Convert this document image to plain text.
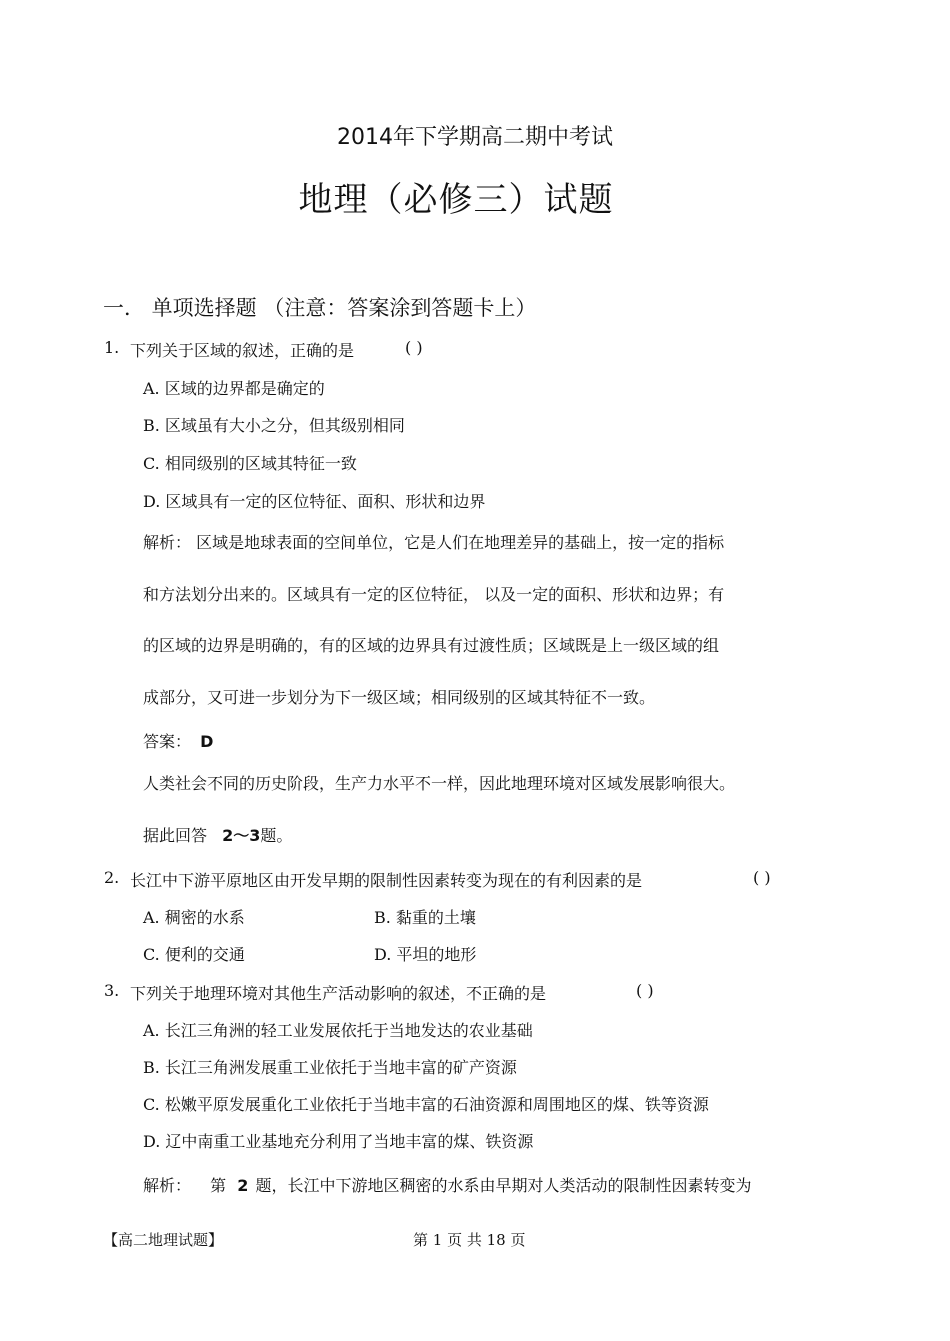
2014年下学期高二期中考试
地理（必修三）试题
一． 单项选择题 （注意：答案涂到答题卡上）
1. 下列关于区域的叙述，正确的是	( )
A. 区域的边界都是确定的
B. 区域虽有大小之分，但其级别相同
C. 相同级别的区域其特征一致
D. 区域具有一定的区位特征、面积、形状和边界
解析： 区域是地球表面的空间单位，它是人们在地理差异的基础上，按一定的指标
和方法划分出来的。区域具有一定的区位特征， 以及一定的面积、形状和边界；有
的区域的边界是明确的，有的区域的边界具有过渡性质；区域既是上一级区域的组
成部分，又可进一步划分为下一级区域；相同级别的区域其特征不一致。
答案： D
人类社会不同的历史阶段，生产力水平不一样，因此地理环境对区域发展影响很大。
据此回答 2～3题。
2. 长江中下游平原地区由开发早期的限制性因素转变为现在的有利因素的是	( )
A. 稠密的水系	B. 黏重的土壤
C. 便利的交通	D. 平坦的地形
3. 下列关于地理环境对其他生产活动影响的叙述，不正确的是	( )
A. 长江三角洲的轻工业发展依托于当地发达的农业基础
B. 长江三角洲发展重工业依托于当地丰富的矿产资源
C. 松嫩平原发展重化工业依托于当地丰富的石油资源和周围地区的煤、铁等资源
D. 辽中南重工业基地充分利用了当地丰富的煤、铁资源
解析： 第 2 题，长江中下游地区稠密的水系由早期对人类活动的限制性因素转变为
【高二地理试题】	第 1 页 共 18 页
